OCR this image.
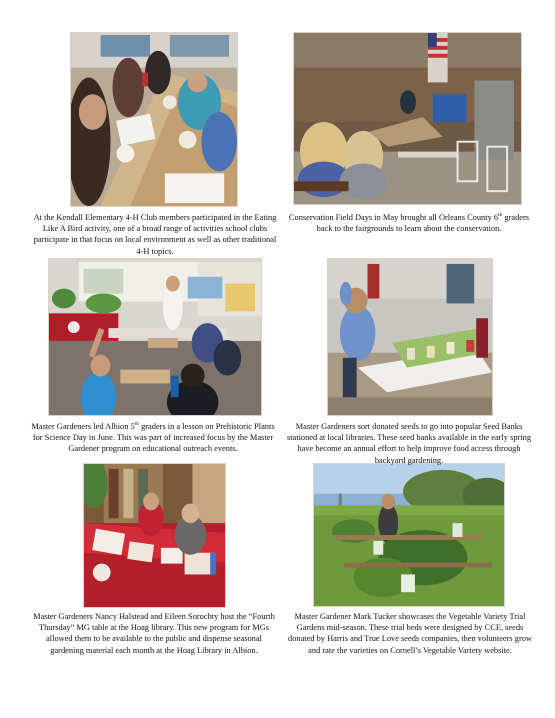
At the Kendall Elementary 4-H Club members participated in the Eating Like A Bird activity, one of a broad range of activities school clubs participate in that focus on local environment as well as other traditional 4-H topics.

Conservation Field Days in May brought all Orleans County 6th graders back to the fairgrounds to learn about the conservation.

Master Gardeners led Albion 5th graders in a lesson on Prehistoric Plants for Science Day in June. This was part of increased focus by the Master Gardener program on educational outreach events.

Master Gardeners sort donated seeds to go into popular Seed Banks stationed at local libraries. These seed banks available in the early spring have become an annual effort to help improve food access through backyard gardening.

Master Gardeners Nancy Halstead and Eileen Sorochty host the “Fourth Thursday” MG table at the Hoag library. This new program for MGs allowed them to be available to the public and dispense seasonal gardening material each month at the Hoag Library in Albion.

Master Gardener Mark Tucker showcases the Vegetable Variety Trial Gardens mid-season. These trial beds were designed by CCE, seeds donated by Harris and True Love seeds companies, then volunteers grow and rate the varieties on Cornell’s Vegetable Variety website.
